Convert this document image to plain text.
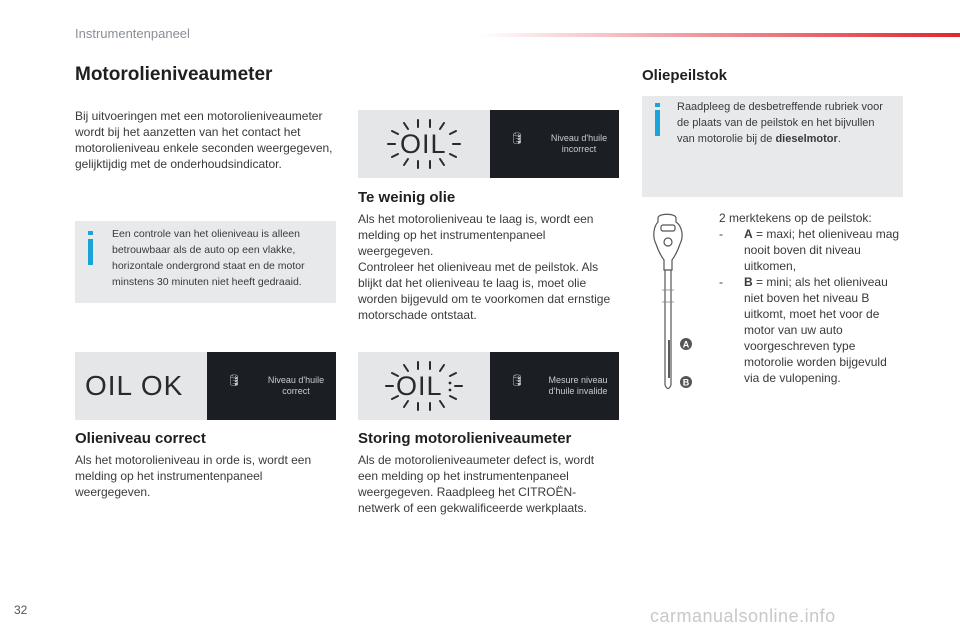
Instrumentenpaneel
Motorolieniveaumeter
Bij uitvoeringen met een motorolieniveaumeter wordt bij het aanzetten van het contact het motorolieniveau enkele seconden weergegeven, gelijktijdig met de onderhoudsindicator.
Een controle van het olieniveau is alleen betrouwbaar als de auto op een vlakke, horizontale ondergrond staat en de motor minstens 30 minuten niet heeft gedraaid.
OIL	🛢	Niveau d'huile incorrect
Te weinig olie
Als het motorolieniveau te laag is, wordt een melding op het instrumentenpaneel weergegeven.
Controleer het olieniveau met de peilstok. Als blijkt dat het olieniveau te laag is, moet olie worden bijgevuld om te voorkomen dat ernstige motorschade ontstaat.
OIL OK	🛢	Niveau d'huile correct
Olieniveau correct
Als het motorolieniveau in orde is, wordt een melding op het instrumentenpaneel weergegeven.
OIL	🛢	Mesure niveau d'huile invalide
Storing motorolieniveaumeter
Als de motorolieniveaumeter defect is, wordt een melding op het instrumentenpaneel weergegeven. Raadpleeg het CITROËN-netwerk of een gekwalificeerde werkplaats.
Oliepeilstok
Raadpleeg de desbetreffende rubriek voor de plaats van de peilstok en het bijvullen van motorolie bij de dieselmotor.
A
B
2 merktekens op de peilstok:
- A = maxi; het olieniveau mag nooit boven dit niveau uitkomen,
- B = mini; als het olieniveau niet boven het niveau B uitkomt, moet het voor de motor van uw auto voorgeschreven type motorolie worden bijgevuld via de vulopening.
32	carmanualsonline.info
